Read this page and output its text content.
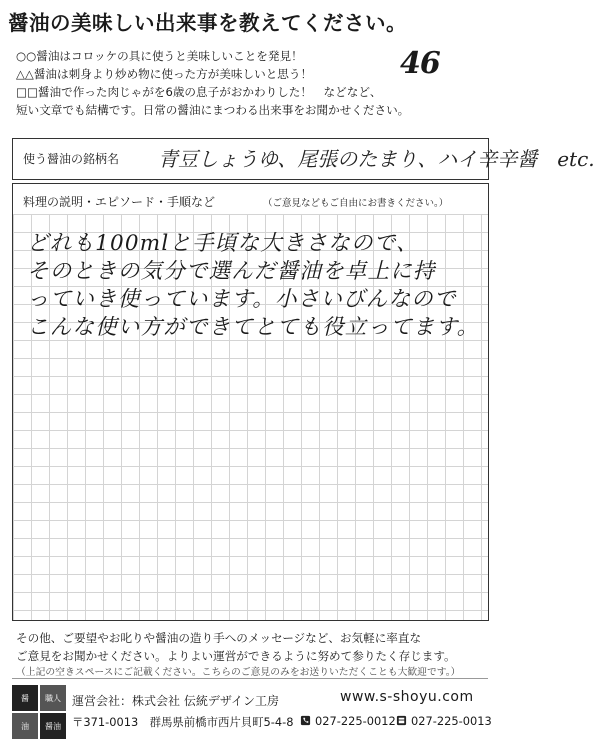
醤油の美味しい出来事を教えてください。
○○醤油はコロッケの具に使うと美味しいことを発見！
△△醤油は刺身より炒め物に使った方が美味しいと思う！
□□醤油で作った肉じゃがを6歳の息子がおかわりした！　などなど、
短い文章でも結構です。日常の醤油にまつわる出来事をお聞かせください。
46
使う醤油の銘柄名 青豆しょうゆ、尾張のたまり、ハイ辛辛醤　etc.
料理の説明・エピソード・手順など	（ご意見などもご自由にお書きください。）
どれも100mlと手頃な大きさなので、
そのときの気分で選んだ醤油を卓上に持
っていき使っています。小さいびんなので
こんな使い方ができてとても役立ってます。
その他、ご要望やお叱りや醤油の造り手へのメッセージなど、お気軽に率直な
ご意見をお聞かせください。よりよい運営ができるように努めて参りたく存じます。
（上記の空きスペースにご記載ください。こちらのご意見のみをお送りいただくことも大歓迎です。）
醤	職人
油	醤油
運営会社：株式会社 伝統デザイン工房	www.s-shoyu.com
〒371-0013　群馬県前橋市西片貝町5-4-8	027-225-0012	027-225-0013
